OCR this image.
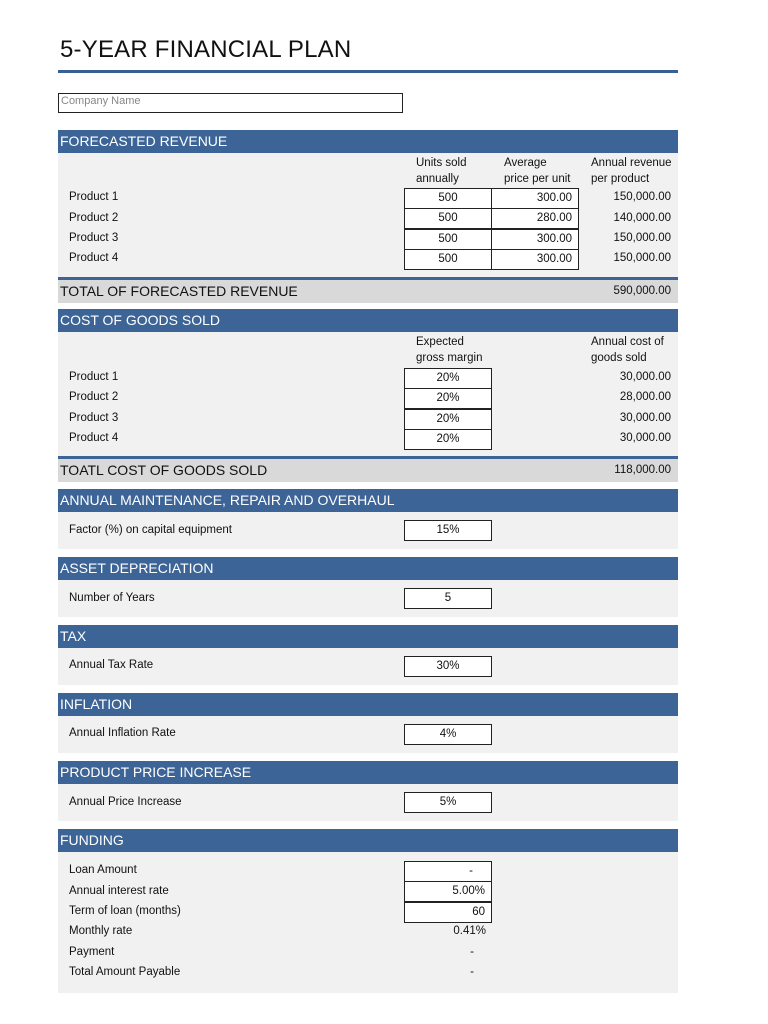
5-YEAR FINANCIAL PLAN
Company Name
FORECASTED REVENUE
Units sold
annually
Average
price per unit
Annual revenue
per product
Product 1	500	300.00	150,000.00
Product 2	500	280.00	140,000.00
Product 3	500	300.00	150,000.00
Product 4	500	300.00	150,000.00
TOTAL OF FORECASTED REVENUE	590,000.00
COST OF GOODS SOLD
Expected
gross margin
Annual cost of
goods sold
Product 1	20%	30,000.00
Product 2	20%	28,000.00
Product 3	20%	30,000.00
Product 4	20%	30,000.00
TOATL COST OF GOODS SOLD	118,000.00
ANNUAL MAINTENANCE, REPAIR AND OVERHAUL
Factor (%) on capital equipment	15%
ASSET DEPRECIATION
Number of Years	5
TAX
Annual Tax Rate	30%
INFLATION
Annual Inflation Rate	4%
PRODUCT PRICE INCREASE
Annual Price Increase	5%
FUNDING
Loan Amount	-
Annual interest rate	5.00%
Term of loan (months)	60
Monthly rate	0.41%
Payment	-
Total Amount Payable	-
